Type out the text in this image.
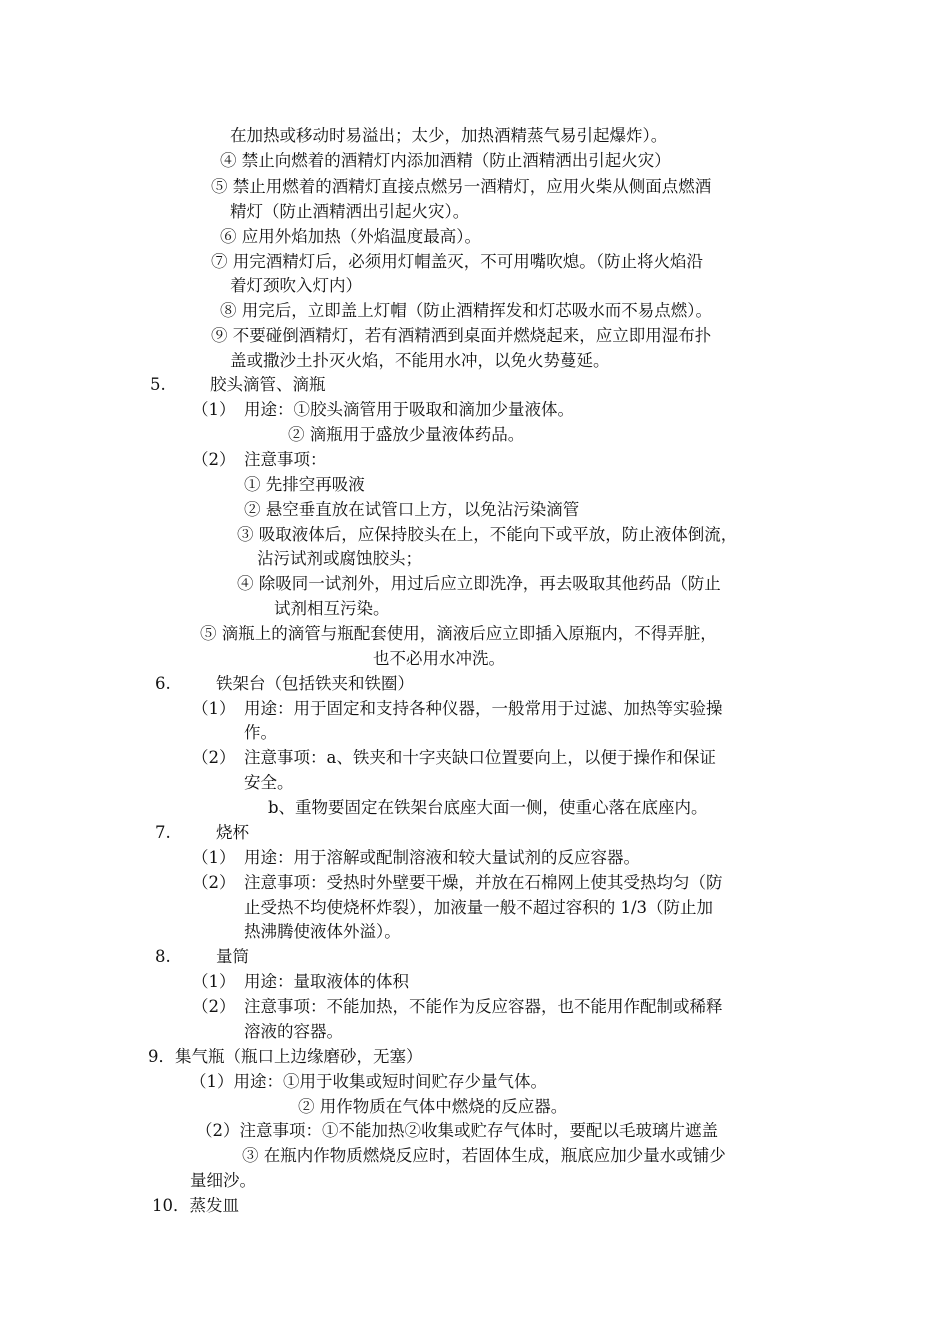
在加热或移动时易溢出；太少，加热酒精蒸气易引起爆炸）。
④ 禁止向燃着的酒精灯内添加酒精（防止酒精洒出引起火灾）
⑤ 禁止用燃着的酒精灯直接点燃另一酒精灯，应用火柴从侧面点燃酒
精灯（防止酒精洒出引起火灾）。
⑥ 应用外焰加热（外焰温度最高）。
⑦ 用完酒精灯后，必须用灯帽盖灭，不可用嘴吹熄。（防止将火焰沿
着灯颈吹入灯内）
⑧ 用完后，立即盖上灯帽（防止酒精挥发和灯芯吸水而不易点燃）。
⑨ 不要碰倒酒精灯，若有酒精洒到桌面并燃烧起来，应立即用湿布扑
盖或撒沙土扑灭火焰，不能用水冲，以免火势蔓延。
5.	胶头滴管、滴瓶
（1） 用途：①胶头滴管用于吸取和滴加少量液体。
② 滴瓶用于盛放少量液体药品。
（2） 注意事项：
① 先排空再吸液
② 悬空垂直放在试管口上方，以免沾污染滴管
③ 吸取液体后，应保持胶头在上，不能向下或平放，防止液体倒流，
沾污试剂或腐蚀胶头；
④ 除吸同一试剂外，用过后应立即洗净，再去吸取其他药品（防止
试剂相互污染。
⑤ 滴瓶上的滴管与瓶配套使用，滴液后应立即插入原瓶内，不得弄脏，
也不必用水冲洗。
6.	铁架台（包括铁夹和铁圈）
（1） 用途：用于固定和支持各种仪器，一般常用于过滤、加热等实验操
作。
（2） 注意事项：a、铁夹和十字夹缺口位置要向上，以便于操作和保证
安全。
b、重物要固定在铁架台底座大面一侧，使重心落在底座内。
7.	烧杯
（1） 用途：用于溶解或配制溶液和较大量试剂的反应容器。
（2） 注意事项：受热时外壁要干燥，并放在石棉网上使其受热均匀（防
止受热不均使烧杯炸裂），加液量一般不超过容积的 1/3（防止加
热沸腾使液体外溢）。
8.	量筒
（1） 用途：量取液体的体积
（2） 注意事项：不能加热，不能作为反应容器，也不能用作配制或稀释
溶液的容器。
9．集气瓶（瓶口上边缘磨砂，无塞）
（1）用途：①用于收集或短时间贮存少量气体。
② 用作物质在气体中燃烧的反应器。
（2）注意事项：①不能加热②收集或贮存气体时，要配以毛玻璃片遮盖
③ 在瓶内作物质燃烧反应时，若固体生成，瓶底应加少量水或铺少
量细沙。
10．蒸发皿
